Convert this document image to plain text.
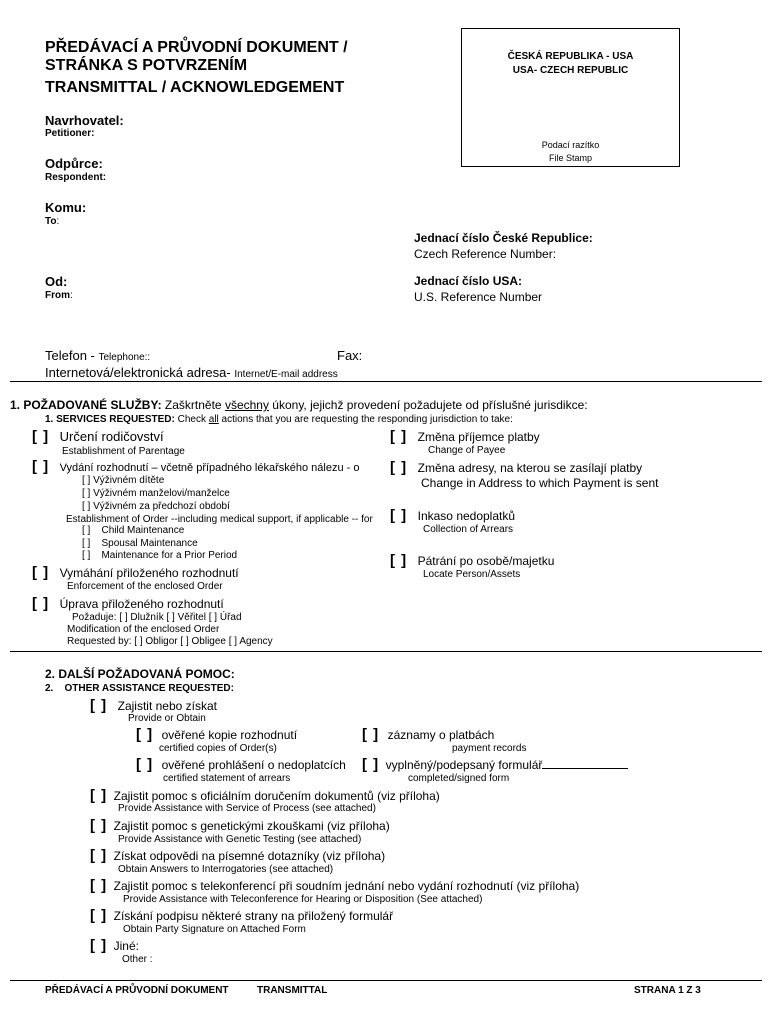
PŘEDÁVACÍ A PRŮVODNÍ DOKUMENT /
STRÁNKA S POTVRZENÍM
TRANSMITTAL / ACKNOWLEDGEMENT
ČESKÁ REPUBLIKA - USA
USA- CZECH REPUBLIC
Podací razítko
File Stamp
Navrhovatel:
Petitioner:
Odpůrce:
Respondent:
Komu:
To:
Od:
From:
Jednací číslo České Republice:
Czech Reference Number:
Jednací číslo USA:
U.S. Reference Number
Telefon - Telephone::	Fax:
Internetová/elektronická adresa- Internet/E-mail address
1. POŽADOVANÉ SLUŽBY: Zaškrtněte všechny úkony, jejichž provedení požadujete od příslušné jurisdikce:
1. SERVICES REQUESTED: Check all actions that you are requesting the responding jurisdiction to take:
[ ] Určení rodičovství
Establishment of Parentage
[ ] Vydání rozhodnutí – včetně případného lékařského nálezu - o
[ ] Výživném dítěte
[ ] Výživném manželovi/manželce
[ ] Výživném za předchozí období
Establishment of Order --including medical support, if applicable -- for
[ ] Child Maintenance
[ ] Spousal Maintenance
[ ] Maintenance for a Prior Period
[ ] Vymáhání přiloženého rozhodnutí
Enforcement of the enclosed Order
[ ] Úprava přiloženého rozhodnutí
Požaduje: [ ] Dlužník [ ] Věřitel [ ] Úřad
Modification of the enclosed Order
Requested by: [ ] Obligor [ ] Obligee [ ] Agency
[ ] Změna příjemce platby
Change of Payee
[ ] Změna adresy, na kterou se zasílají platby
Change in Address to which Payment is sent
[ ] Inkaso nedoplatků
Collection of Arrears
[ ] Pátrání po osobě/majetku
Locate Person/Assets
2. DALŠÍ POŽADOVANÁ POMOC:
2. OTHER ASSISTANCE REQUESTED:
[ ] Zajistit nebo získat
Provide or Obtain
[ ] ověřené kopie rozhodnutí
certified copies of Order(s)
[ ] záznamy o platbách
payment records
[ ] ověřené prohlášení o nedoplatcích
certified statement of arrears
[ ] vyplněný/podepsaný formulář
completed/signed form
[ ] Zajistit pomoc s oficiálním doručením dokumentů (viz příloha)
Provide Assistance with Service of Process (see attached)
[ ] Zajistit pomoc s genetickými zkouškami (viz příloha)
Provide Assistance with Genetic Testing (see attached)
[ ] Získat odpovědi na písemné dotazníky (viz příloha)
Obtain Answers to Interrogatories (see attached)
[ ] Zajistit pomoc s telekonferencí při soudním jednání nebo vydání rozhodnutí (viz příloha)
Provide Assistance with Teleconference for Hearing or Disposition (See attached)
[ ] Získání podpisu některé strany na přiložený formulář
Obtain Party Signature on Attached Form
[ ] Jiné:
Other :
PŘEDÁVACÍ A PRŮVODNÍ DOKUMENT	TRANSMITTAL	STRANA 1 Z 3
